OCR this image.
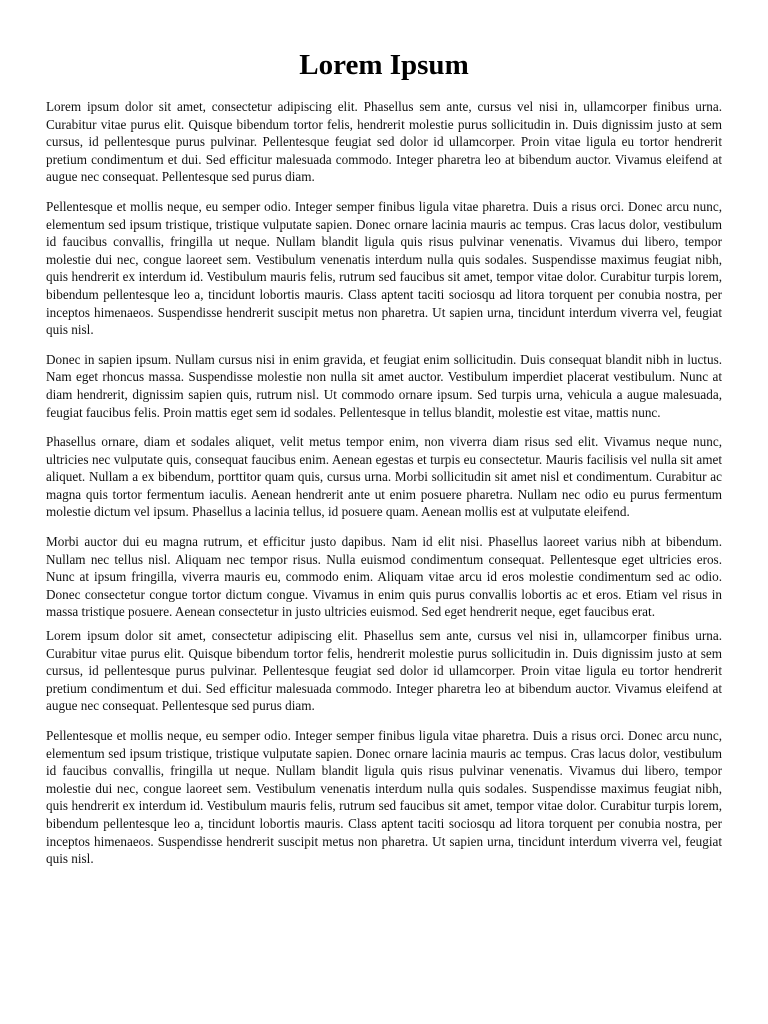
Lorem Ipsum

Lorem ipsum dolor sit amet, consectetur adipiscing elit. Phasellus sem ante, cursus vel nisi in, ullamcorper finibus urna. Curabitur vitae purus elit. Quisque bibendum tortor felis, hendrerit molestie purus sollicitudin in. Duis dignissim justo at sem cursus, id pellentesque purus pulvinar. Pellentesque feugiat sed dolor id ullamcorper. Proin vitae ligula eu tortor hendrerit pretium condimentum et dui. Sed efficitur malesuada commodo. Integer pharetra leo at bibendum auctor. Vivamus eleifend at augue nec consequat. Pellentesque sed purus diam.

Pellentesque et mollis neque, eu semper odio. Integer semper finibus ligula vitae pharetra. Duis a risus orci. Donec arcu nunc, elementum sed ipsum tristique, tristique vulputate sapien. Donec ornare lacinia mauris ac tempus. Cras lacus dolor, vestibulum id faucibus convallis, fringilla ut neque. Nullam blandit ligula quis risus pulvinar venenatis. Vivamus dui libero, tempor molestie dui nec, congue laoreet sem. Vestibulum venenatis interdum nulla quis sodales. Suspendisse maximus feugiat nibh, quis hendrerit ex interdum id. Vestibulum mauris felis, rutrum sed faucibus sit amet, tempor vitae dolor. Curabitur turpis lorem, bibendum pellentesque leo a, tincidunt lobortis mauris. Class aptent taciti sociosqu ad litora torquent per conubia nostra, per inceptos himenaeos. Suspendisse hendrerit suscipit metus non pharetra. Ut sapien urna, tincidunt interdum viverra vel, feugiat quis nisl.

Donec in sapien ipsum. Nullam cursus nisi in enim gravida, et feugiat enim sollicitudin. Duis consequat blandit nibh in luctus. Nam eget rhoncus massa. Suspendisse molestie non nulla sit amet auctor. Vestibulum imperdiet placerat vestibulum. Nunc at diam hendrerit, dignissim sapien quis, rutrum nisl. Ut commodo ornare ipsum. Sed turpis urna, vehicula a augue malesuada, feugiat faucibus felis. Proin mattis eget sem id sodales. Pellentesque in tellus blandit, molestie est vitae, mattis nunc.

Phasellus ornare, diam et sodales aliquet, velit metus tempor enim, non viverra diam risus sed elit. Vivamus neque nunc, ultricies nec vulputate quis, consequat faucibus enim. Aenean egestas et turpis eu consectetur. Mauris facilisis vel nulla sit amet aliquet. Nullam a ex bibendum, porttitor quam quis, cursus urna. Morbi sollicitudin sit amet nisl et condimentum. Curabitur ac magna quis tortor fermentum iaculis. Aenean hendrerit ante ut enim posuere pharetra. Nullam nec odio eu purus fermentum molestie dictum vel ipsum. Phasellus a lacinia tellus, id posuere quam. Aenean mollis est at vulputate eleifend.

Morbi auctor dui eu magna rutrum, et efficitur justo dapibus. Nam id elit nisi. Phasellus laoreet varius nibh at bibendum. Nullam nec tellus nisl. Aliquam nec tempor risus. Nulla euismod condimentum consequat. Pellentesque eget ultricies eros. Nunc at ipsum fringilla, viverra mauris eu, commodo enim. Aliquam vitae arcu id eros molestie condimentum sed ac odio. Donec consectetur congue tortor dictum congue. Vivamus in enim quis purus convallis lobortis ac et eros. Etiam vel risus in massa tristique posuere. Aenean consectetur in justo ultricies euismod. Sed eget hendrerit neque, eget faucibus erat.

Lorem ipsum dolor sit amet, consectetur adipiscing elit. Phasellus sem ante, cursus vel nisi in, ullamcorper finibus urna. Curabitur vitae purus elit. Quisque bibendum tortor felis, hendrerit molestie purus sollicitudin in. Duis dignissim justo at sem cursus, id pellentesque purus pulvinar. Pellentesque feugiat sed dolor id ullamcorper. Proin vitae ligula eu tortor hendrerit pretium condimentum et dui. Sed efficitur malesuada commodo. Integer pharetra leo at bibendum auctor. Vivamus eleifend at augue nec consequat. Pellentesque sed purus diam.

Pellentesque et mollis neque, eu semper odio. Integer semper finibus ligula vitae pharetra. Duis a risus orci. Donec arcu nunc, elementum sed ipsum tristique, tristique vulputate sapien. Donec ornare lacinia mauris ac tempus. Cras lacus dolor, vestibulum id faucibus convallis, fringilla ut neque. Nullam blandit ligula quis risus pulvinar venenatis. Vivamus dui libero, tempor molestie dui nec, congue laoreet sem. Vestibulum venenatis interdum nulla quis sodales. Suspendisse maximus feugiat nibh, quis hendrerit ex interdum id. Vestibulum mauris felis, rutrum sed faucibus sit amet, tempor vitae dolor. Curabitur turpis lorem, bibendum pellentesque leo a, tincidunt lobortis mauris. Class aptent taciti sociosqu ad litora torquent per conubia nostra, per inceptos himenaeos. Suspendisse hendrerit suscipit metus non pharetra. Ut sapien urna, tincidunt interdum viverra vel, feugiat quis nisl.
